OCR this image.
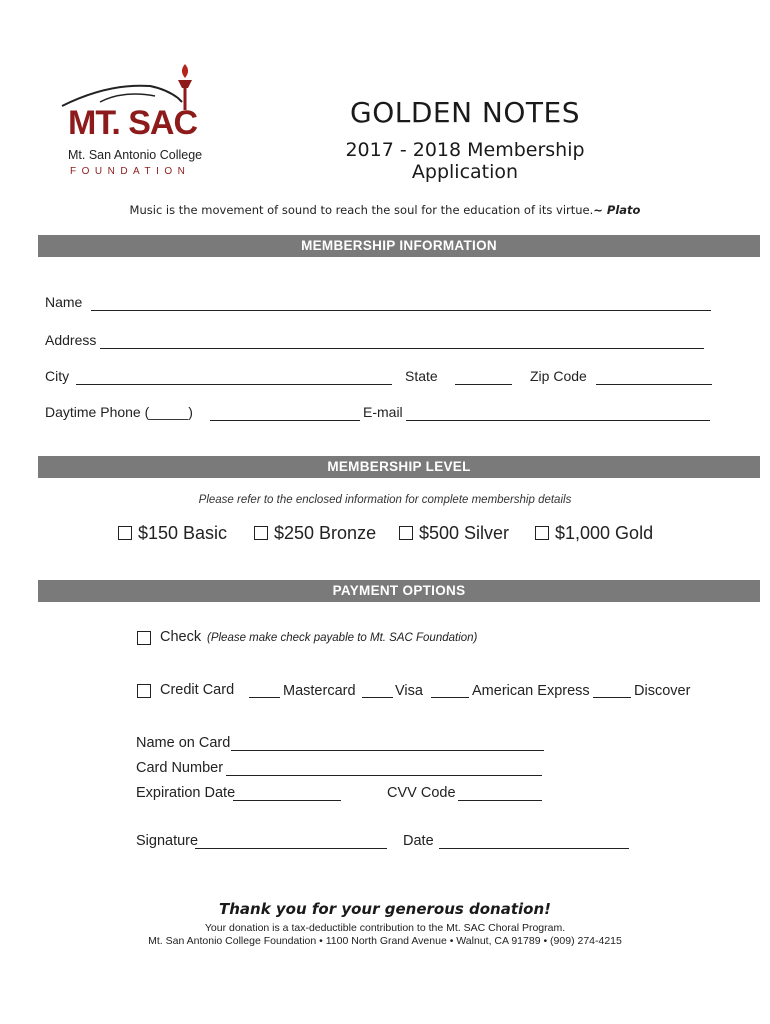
MT. SAC
Mt. San Antonio College
FOUNDATION
GOLDEN NOTES
2017 - 2018 Membership Application
Music is the movement of sound to reach the soul for the education of its virtue.~ Plato
MEMBERSHIP INFORMATION
Name
Address
City	State	Zip Code
Daytime Phone (_____)	E-mail
MEMBERSHIP LEVEL
Please refer to the enclosed information for complete membership details
$150 Basic	$250 Bronze $500 Silver	$1,000 Gold
PAYMENT OPTIONS
Check (Please make check payable to Mt. SAC Foundation)
Credit Card	Mastercard	Visa	American Express	Discover
Name on Card
Card Number
Expiration Date	CVV Code
Signature	Date
Thank you for your generous donation!
Your donation is a tax-deductible contribution to the Mt. SAC Choral Program.
Mt. San Antonio College Foundation • 1100 North Grand Avenue • Walnut, CA 91789 • (909) 274-4215
